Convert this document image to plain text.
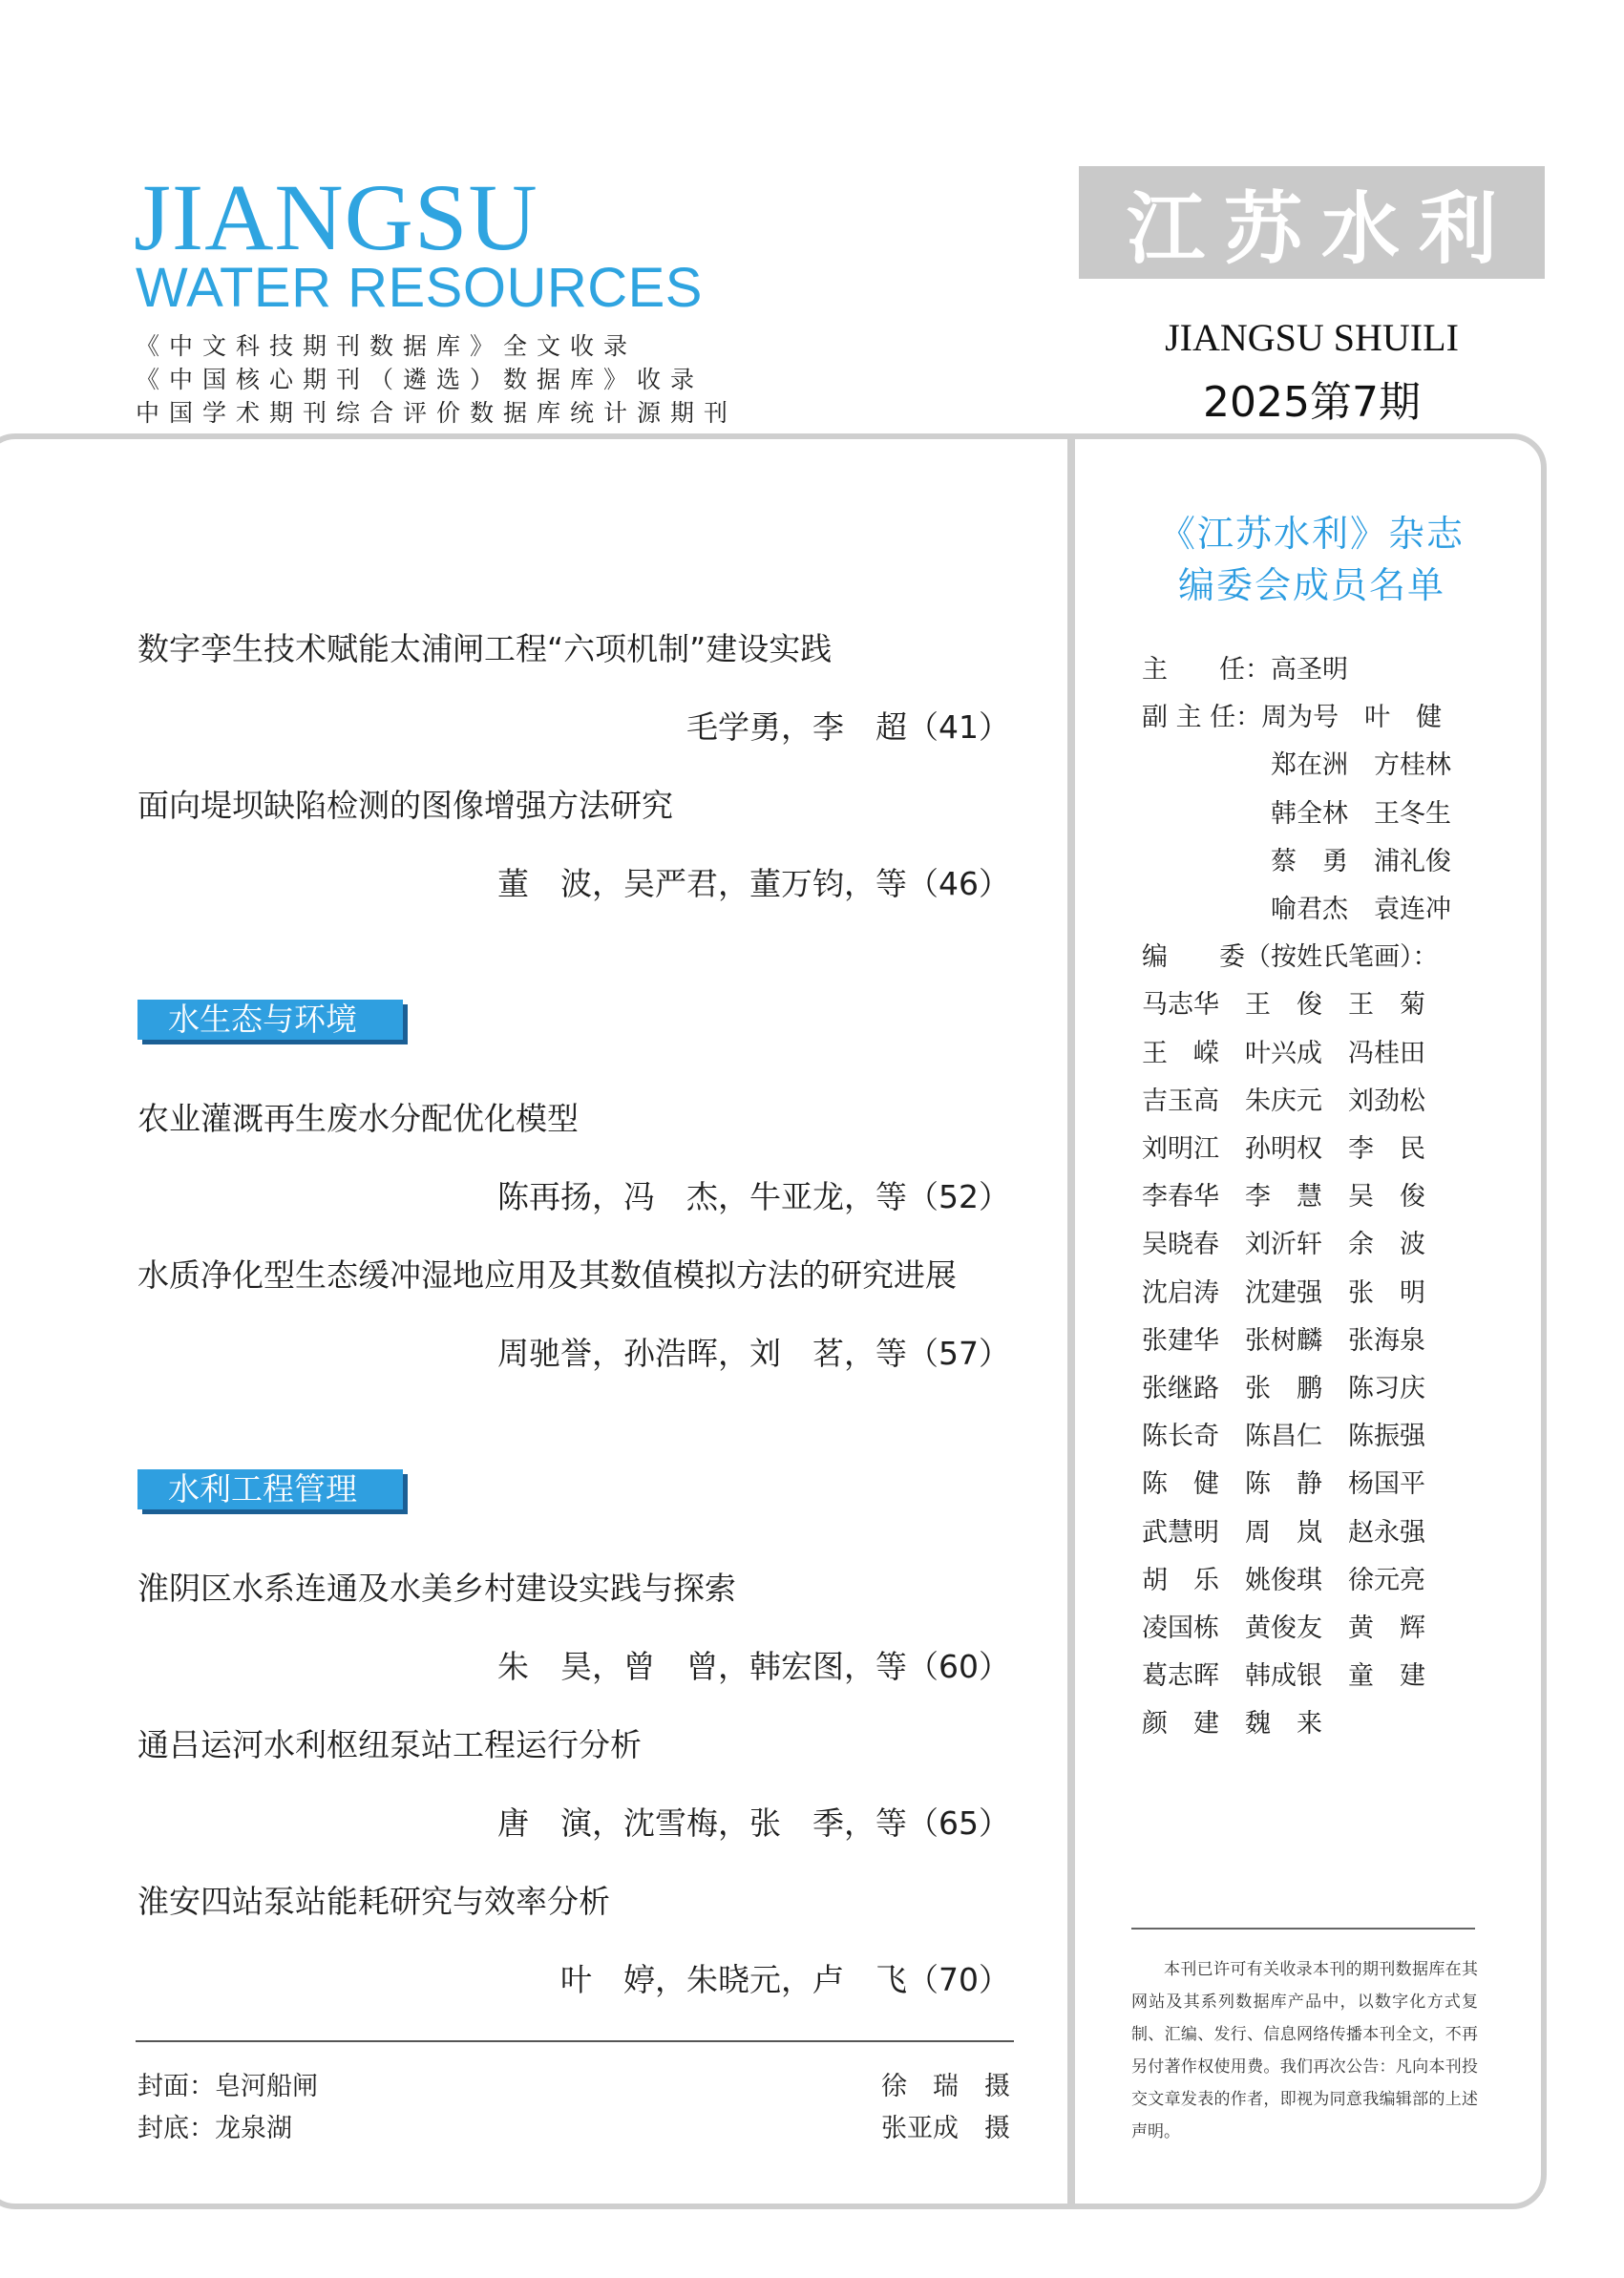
JIANGSU
WATER RESOURCES
《中文科技期刊数据库》全文收录
《中国核心期刊（遴选）数据库》收录
中国学术期刊综合评价数据库统计源期刊
江苏水利
JIANGSU SHUILI
2025第7期
数字孪生技术赋能太浦闸工程“六项机制”建设实践
毛学勇，李　超（41）
面向堤坝缺陷检测的图像增强方法研究
董　波，吴严君，董万钧，等（46）
水生态与环境
农业灌溉再生废水分配优化模型
陈再扬，冯　杰，牛亚龙，等（52）
水质净化型生态缓冲湿地应用及其数值模拟方法的研究进展
周驰誉，孙浩晖，刘　茗，等（57）
水利工程管理
淮阴区水系连通及水美乡村建设实践与探索
朱　昊，曾　曾，韩宏图，等（60）
通吕运河水利枢纽泵站工程运行分析
唐　演，沈雪梅，张　季，等（65）
淮安四站泵站能耗研究与效率分析
叶　婷，朱晓元，卢　飞（70）
封面：皂河船闸	徐　瑞　摄
封底：龙泉湖	张亚成　摄
《江苏水利》杂志
编委会成员名单
主　　任：高圣明
副 主 任：周为号　叶　健
　　　　　郑在洲　方桂林
　　　　　韩全林　王冬生
　　　　　蔡　勇　浦礼俊
　　　　　喻君杰　袁连冲
编　　委（按姓氏笔画）：
马志华　王　俊　王　菊
王　嵘　叶兴成　冯桂田
吉玉高　朱庆元　刘劲松
刘明江　孙明权　李　民
李春华　李　慧　吴　俊
吴晓春　刘沂轩　余　波
沈启涛　沈建强　张　明
张建华　张树麟　张海泉
张继路　张　鹏　陈习庆
陈长奇　陈昌仁　陈振强
陈　健　陈　静　杨国平
武慧明　周　岚　赵永强
胡　乐　姚俊琪　徐元亮
凌国栋　黄俊友　黄　辉
葛志晖　韩成银　童　建
颜　建　魏　来
本刊已许可有关收录本刊的期刊数据库在其网站及其系列数据库产品中，以数字化方式复制、汇编、发行、信息网络传播本刊全文，不再另付著作权使用费。我们再次公告：凡向本刊投交文章发表的作者，即视为同意我编辑部的上述声明。
